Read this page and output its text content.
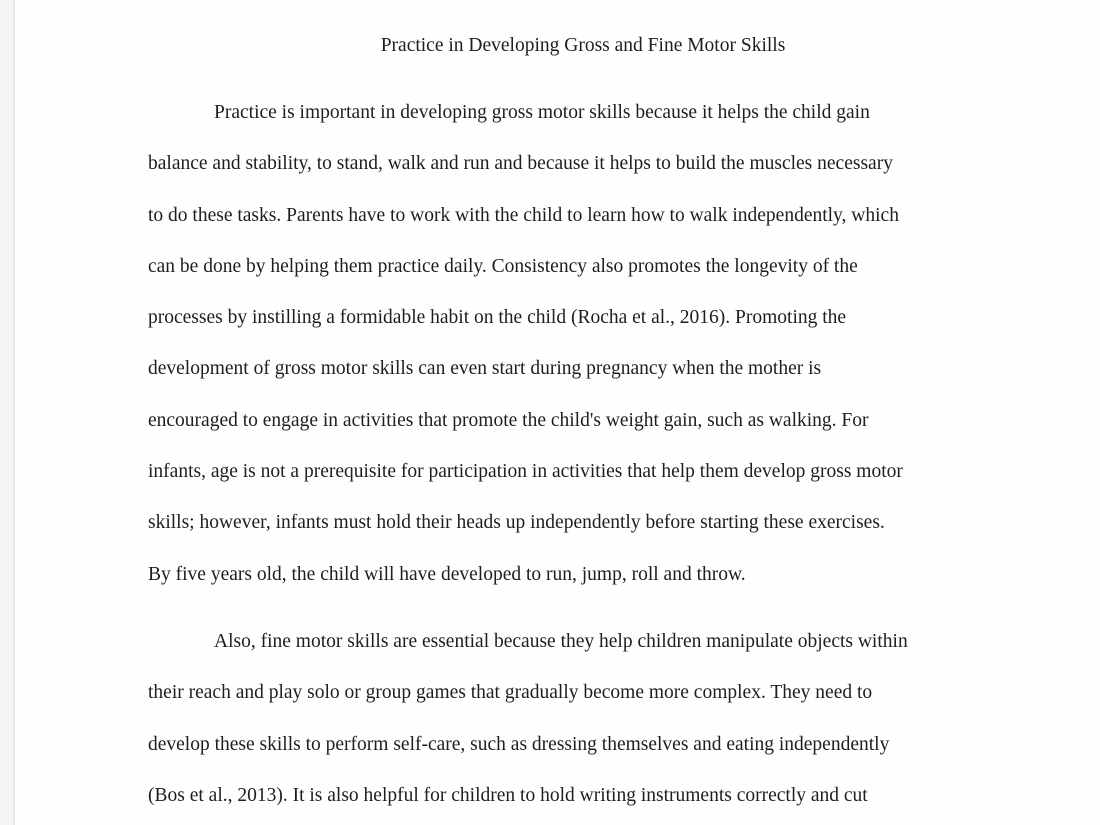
Practice in Developing Gross and Fine Motor Skills
Practice is important in developing gross motor skills because it helps the child gain
balance and stability, to stand, walk and run and because it helps to build the muscles necessary
to do these tasks. Parents have to work with the child to learn how to walk independently, which
can be done by helping them practice daily. Consistency also promotes the longevity of the
processes by instilling a formidable habit on the child (Rocha et al., 2016). Promoting the
development of gross motor skills can even start during pregnancy when the mother is
encouraged to engage in activities that promote the child's weight gain, such as walking. For
infants, age is not a prerequisite for participation in activities that help them develop gross motor
skills; however, infants must hold their heads up independently before starting these exercises.
By five years old, the child will have developed to run, jump, roll and throw.
Also, fine motor skills are essential because they help children manipulate objects within
their reach and play solo or group games that gradually become more complex. They need to
develop these skills to perform self-care, such as dressing themselves and eating independently
(Bos et al., 2013). It is also helpful for children to hold writing instruments correctly and cut
